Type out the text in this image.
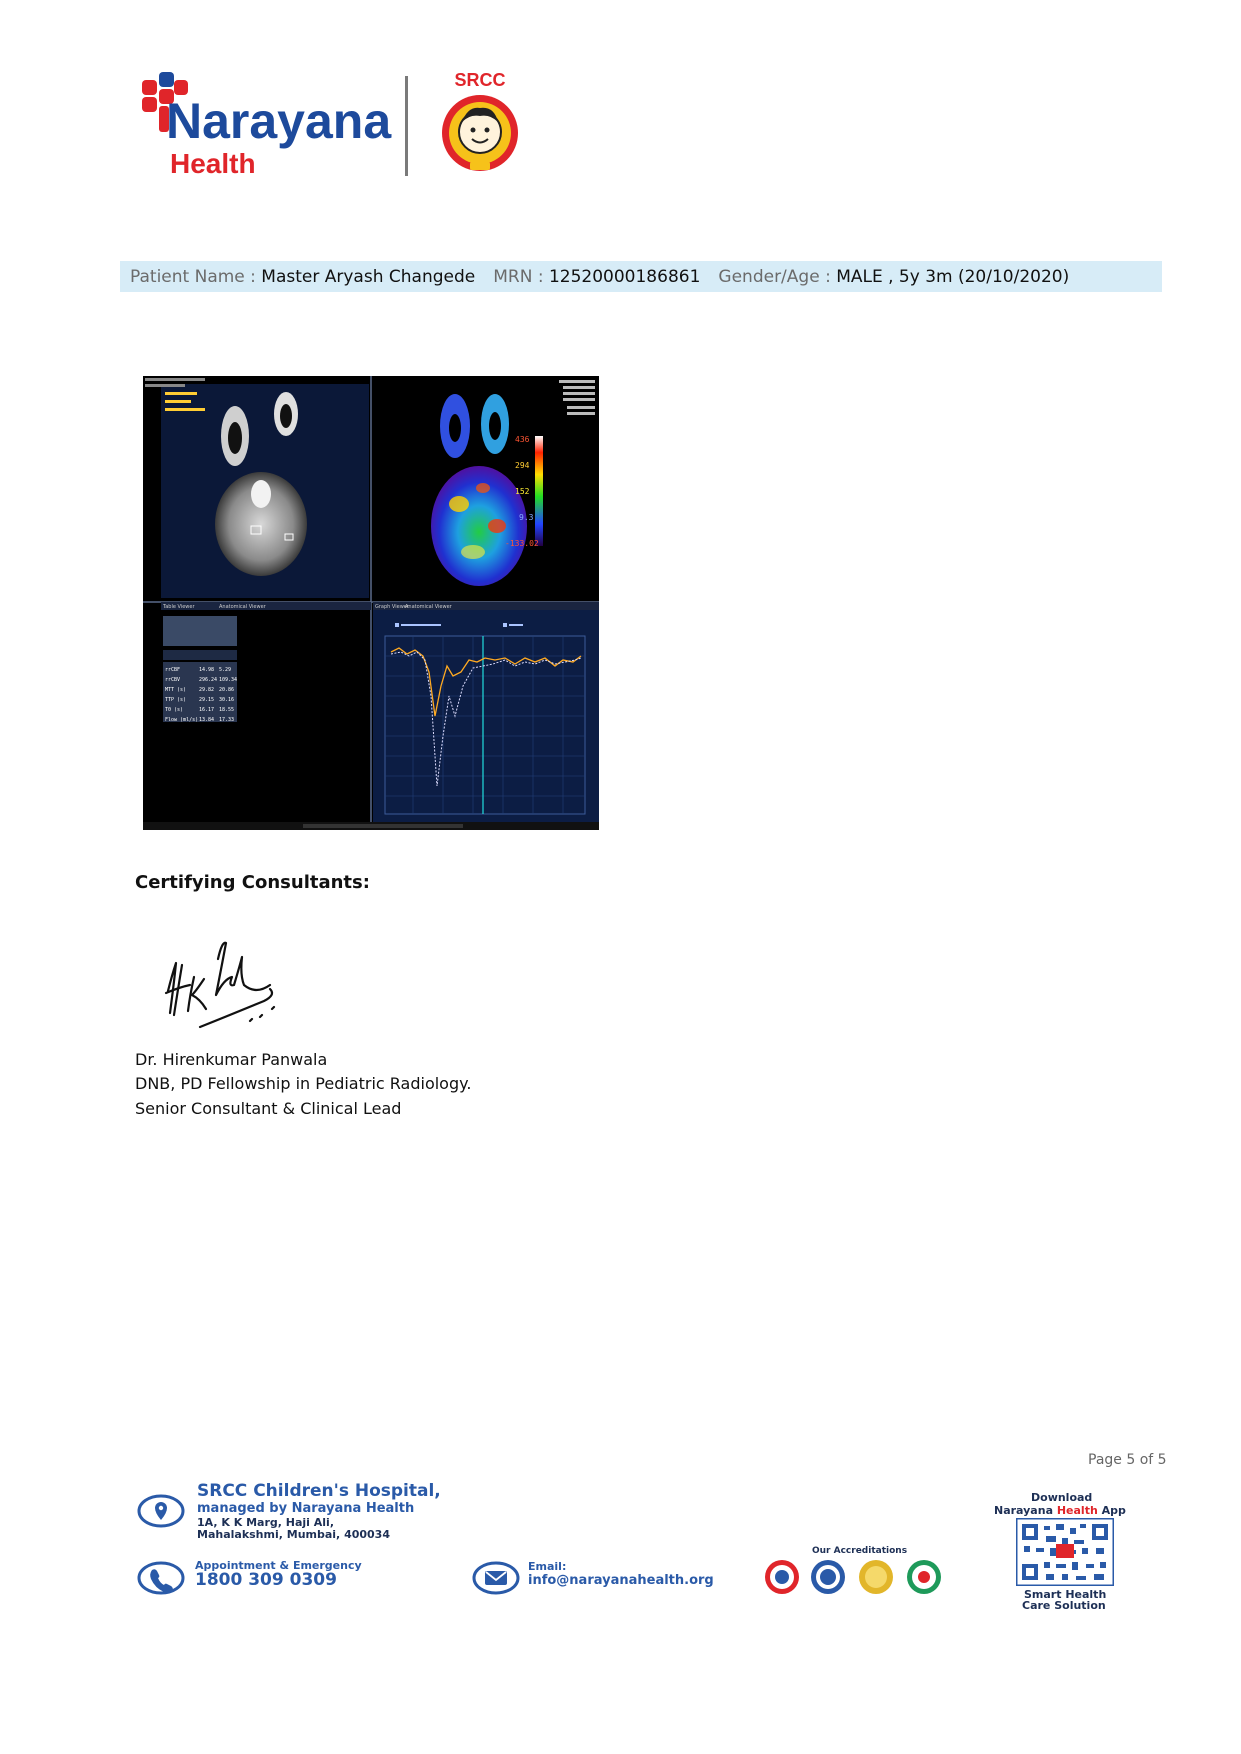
Narayana
Health
SRCC
Patient Name :
Master Aryash Changede MRN :
12520000186861 Gender/Age :
MALE , 5y 3m (20/10/2020)
436
294
152
9.3
-133.02
Table Viewer	Anatomical Viewer
rrCBF	14.98 5.29
rrCBV	296.24 109.34
MTT (s)	29.82 20.86
TTP (s)	29.15 30.16
T0 (s)	16.17 18.55
Flow (ml/s) 13.84 17.33
Graph Viewer
Anatomical Viewer
Certifying Consultants:
Dr. Hirenkumar Panwala
DNB, PD Fellowship in Pediatric Radiology.
Senior Consultant & Clinical Lead
Page 5 of 5
SRCC Children's Hospital,
managed by Narayana Health
1A, K K Marg, Haji Ali,
Mahalakshmi, Mumbai, 400034
Appointment & Emergency
1800 309 0309
Email:
info@narayanahealth.org
Our Accreditations
Download
Narayana Health App
Smart Health
Care Solution
